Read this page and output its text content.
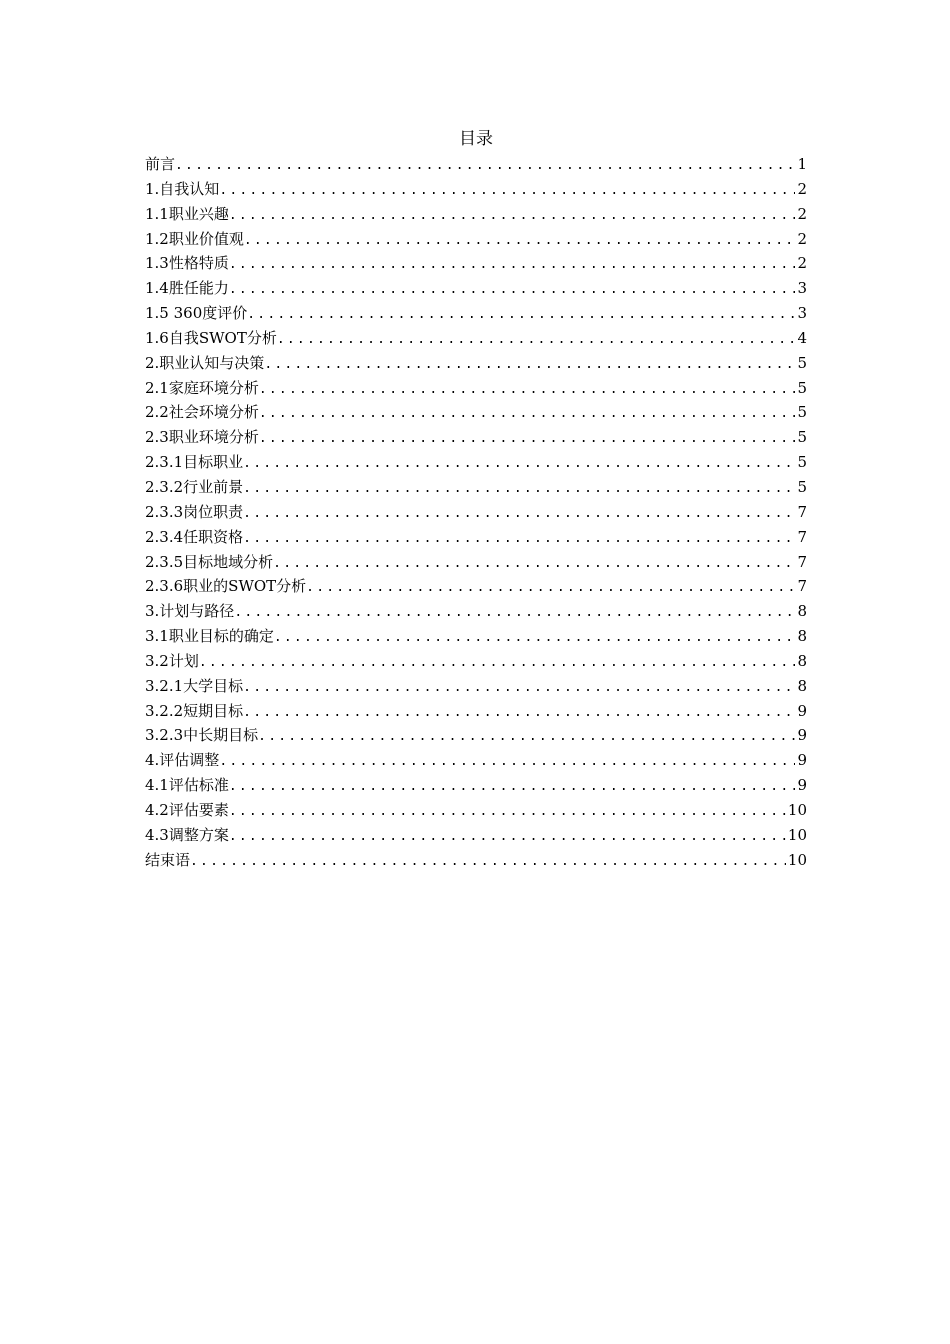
目录
前言 .....	1
1.自我认知 .....	2
1.1职业兴趣 .....	2
1.2职业价值观 .....	2
1.3性格特质 .....	2
1.4胜任能力 .....	3
1.5 360度评价 .....	3
1.6自我SWOT分析 .....	4
2.职业认知与决策 .....	5
2.1家庭环境分析 .....	5
2.2社会环境分析 .....	5
2.3职业环境分析 .....	5
2.3.1目标职业 .....	5
2.3.2行业前景 .....	5
2.3.3岗位职责 .....	7
2.3.4任职资格 .....	7
2.3.5目标地域分析 .....	7
2.3.6职业的SWOT分析 .....	7
3.计划与路径 .....	8
3.1职业目标的确定 .....	8
3.2计划 .....	8
3.2.1大学目标 .....	8
3.2.2短期目标 .....	9
3.2.3中长期目标 .....	9
4.评估调整 .....	9
4.1评估标准 .....	9
4.2评估要素 .....	10
4.3调整方案 .....	10
结束语 .....	10
